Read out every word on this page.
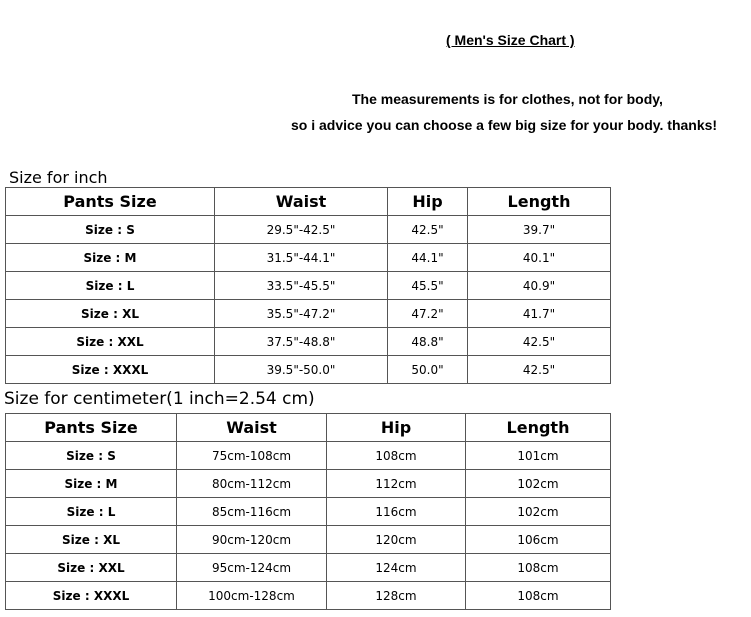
( Men's Size Chart )
The measurements is for clothes, not for body,
so i advice you can choose a few big size for your body. thanks!
Size for inch
Pants Size	Waist	Hip	Length
Size : S	29.5"-42.5"	42.5"	39.7"
Size : M	31.5"-44.1"	44.1"	40.1"
Size : L	33.5"-45.5"	45.5"	40.9"
Size : XL	35.5"-47.2"	47.2"	41.7"
Size : XXL	37.5"-48.8"	48.8"	42.5"
Size : XXXL	39.5"-50.0"	50.0"	42.5"
Size for centimeter(1 inch=2.54 cm)
Pants Size	Waist	Hip	Length
Size : S	75cm-108cm	108cm	101cm
Size : M	80cm-112cm	112cm	102cm
Size : L	85cm-116cm	116cm	102cm
Size : XL	90cm-120cm	120cm	106cm
Size : XXL	95cm-124cm	124cm	108cm
Size : XXXL	100cm-128cm	128cm	108cm
